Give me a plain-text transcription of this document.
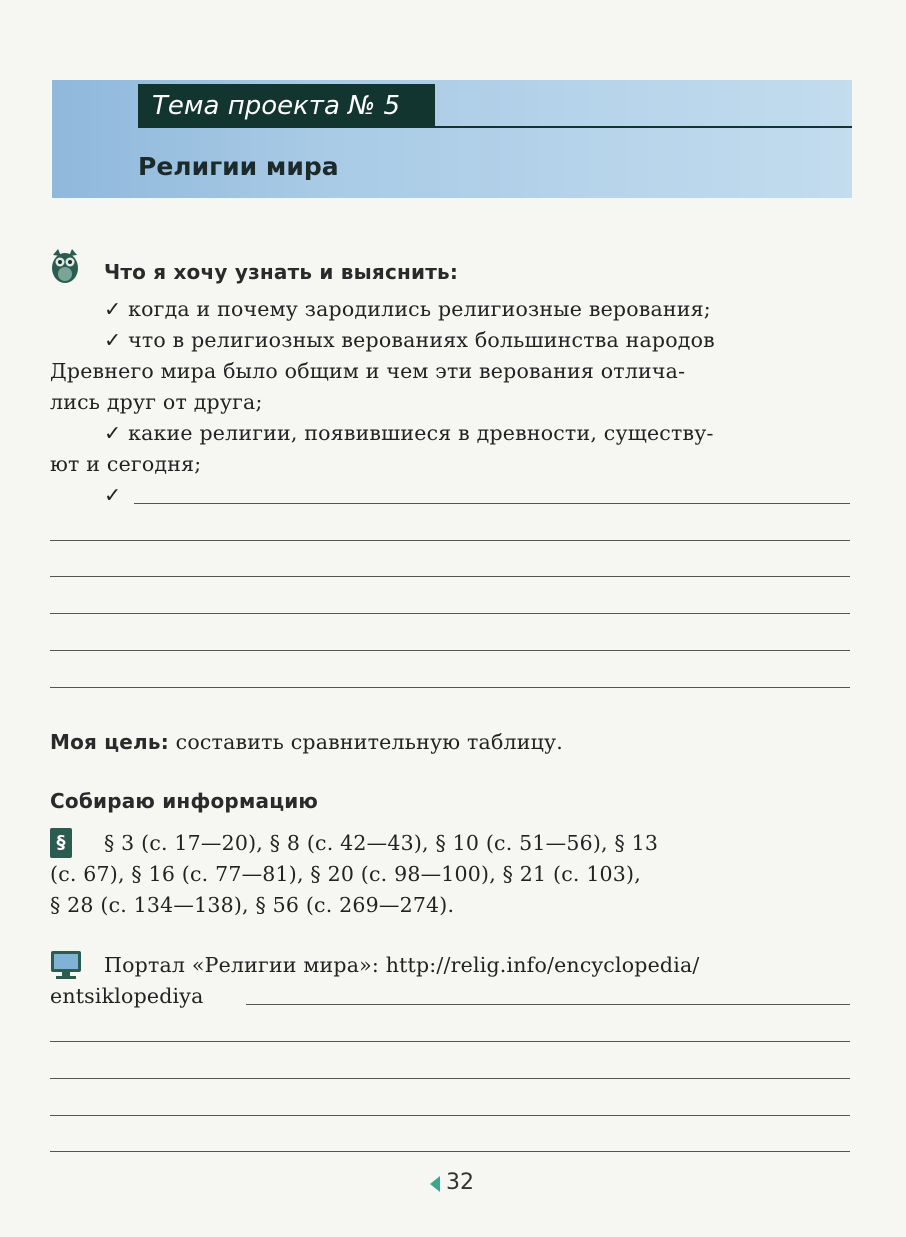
Тема проекта № 5
Религии мира
Что я хочу узнать и выяснить:
✓ когда и почему зародились религиозные верования;
✓ что в религиозных верованиях большинства народов
Древнего мира было общим и чем эти верования отлича-
лись друг от друга;
✓ какие религии, появившиеся в древности, существу-
ют и сегодня;
✓
Моя цель: составить сравнительную таблицу.
Собираю информацию
§	§ 3 (с. 17—20), § 8 (с. 42—43), § 10 (с. 51—56), § 13
(с. 67), § 16 (с. 77—81), § 20 (с. 98—100), § 21 (с. 103),
§ 28 (с. 134—138), § 56 (с. 269—274).
Портал «Религии мира»: http://relig.info/encyclopedia/
entsiklopediya
32
